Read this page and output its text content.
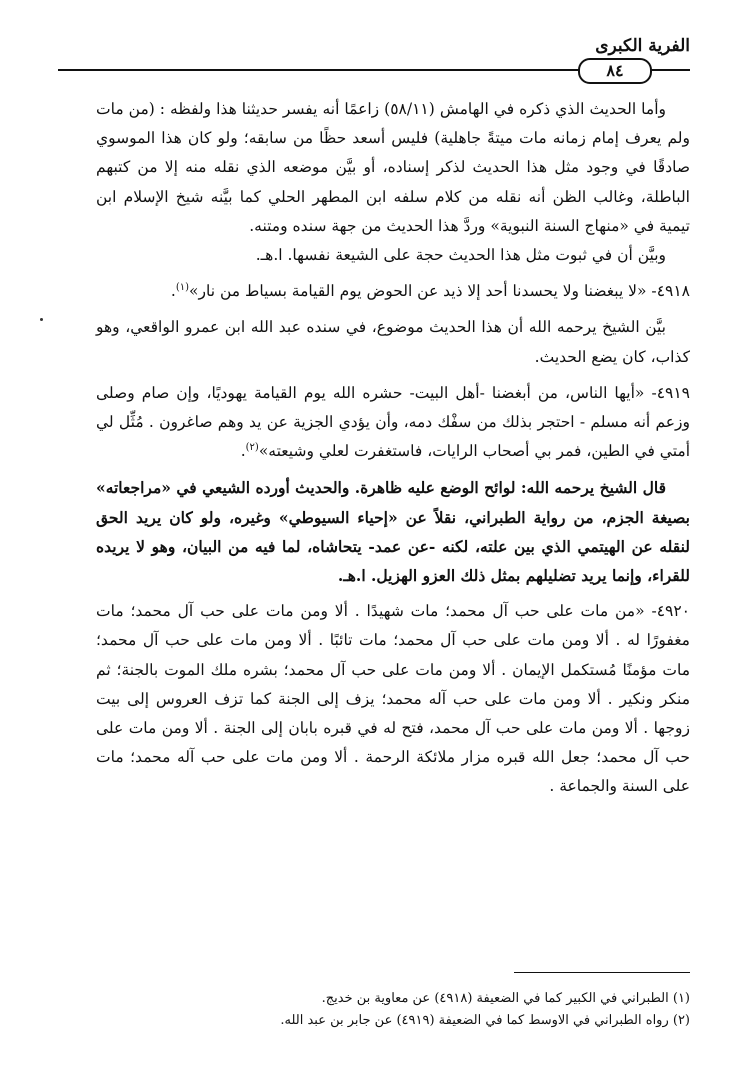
الفرية الكبرى
٨٤

وأما الحديث الذي ذكره في الهامش (٥٨/١١) زاعمًا أنه يفسر حديثنا هذا ولفظه : (من مات ولم يعرف إمام زمانه مات ميتةً جاهلية) فليس أسعد حظًا من سابقه؛ ولو كان هذا الموسوي صادقًا في وجود مثل هذا الحديث لذكر إسناده، أو بيَّن موضعه الذي نقله منه إلا من كتبهم الباطلة، وغالب الظن أنه نقله من كلام سلفه ابن المطهر الحلي كما بيَّنه شيخ الإسلام ابن تيمية في «منهاج السنة النبوية» وردَّ هذا الحديث من جهة سنده ومتنه.

وبيَّن أن في ثبوت مثل هذا الحديث حجة على الشيعة نفسها. ا.هـ.

٤٩١٨- «لا يبغضنا ولا يحسدنا أحد إلا ذيد عن الحوض يوم القيامة بسياط من نار»$^{(١)}$.

بيَّن الشيخ يرحمه الله أن هذا الحديث موضوع، في سنده عبد الله ابن عمرو الواقعي، وهو كذاب، كان يضع الحديث.

٤٩١٩- «أيها الناس، من أبغضنا -أهل البيت- حشره الله يوم القيامة يهوديًا، وإن صام وصلى وزعم أنه مسلم - احتجر بذلك من سفْك دمه، وأن يؤدي الجزية عن يد وهم صاغرون . مُثِّل لي أمتي في الطين، فمر بي أصحاب الرايات، فاستغفرت لعلي وشيعته»$^{(٢)}$.

قال الشيخ يرحمه الله: لوائح الوضع عليه ظاهرة. والحديث أورده الشيعي في «مراجعاته» بصيغة الجزم، من رواية الطبراني، نقلاً عن «إحياء السيوطي» وغيره، ولو كان يريد الحق لنقله عن الهيتمي الذي بين علته، لكنه -عن عمد- يتحاشاه، لما فيه من البيان، وهو لا يريده للقراء، وإنما يريد تضليلهم بمثل ذلك العزو الهزيل. ا.هـ.

٤٩٢٠- «من مات على حب آل محمد؛ مات شهيدًا . ألا ومن مات على حب آل محمد؛ مات مغفورًا له . ألا ومن مات على حب آل محمد؛ مات تائبًا . ألا ومن مات على حب آل محمد؛ مات مؤمنًا مُستكمل الإيمان . ألا ومن مات على حب آل محمد؛ بشره ملك الموت بالجنة؛ ثم منكر ونكير . ألا ومن مات على حب آله محمد؛ يزف إلى الجنة كما تزف العروس إلى بيت زوجها . ألا ومن مات على حب آل محمد، فتح له في قبره بابان إلى الجنة . ألا ومن مات على حب آل محمد؛ جعل الله قبره مزار ملائكة الرحمة . ألا ومن مات على حب آله محمد؛ مات على السنة والجماعة .

(١) الطبراني في الكبير كما في الضعيفة (٤٩١٨) عن معاوية بن خديج.

(٢) رواه الطبراني في الاوسط كما في الضعيفة (٤٩١٩) عن جابر بن عبد الله.
